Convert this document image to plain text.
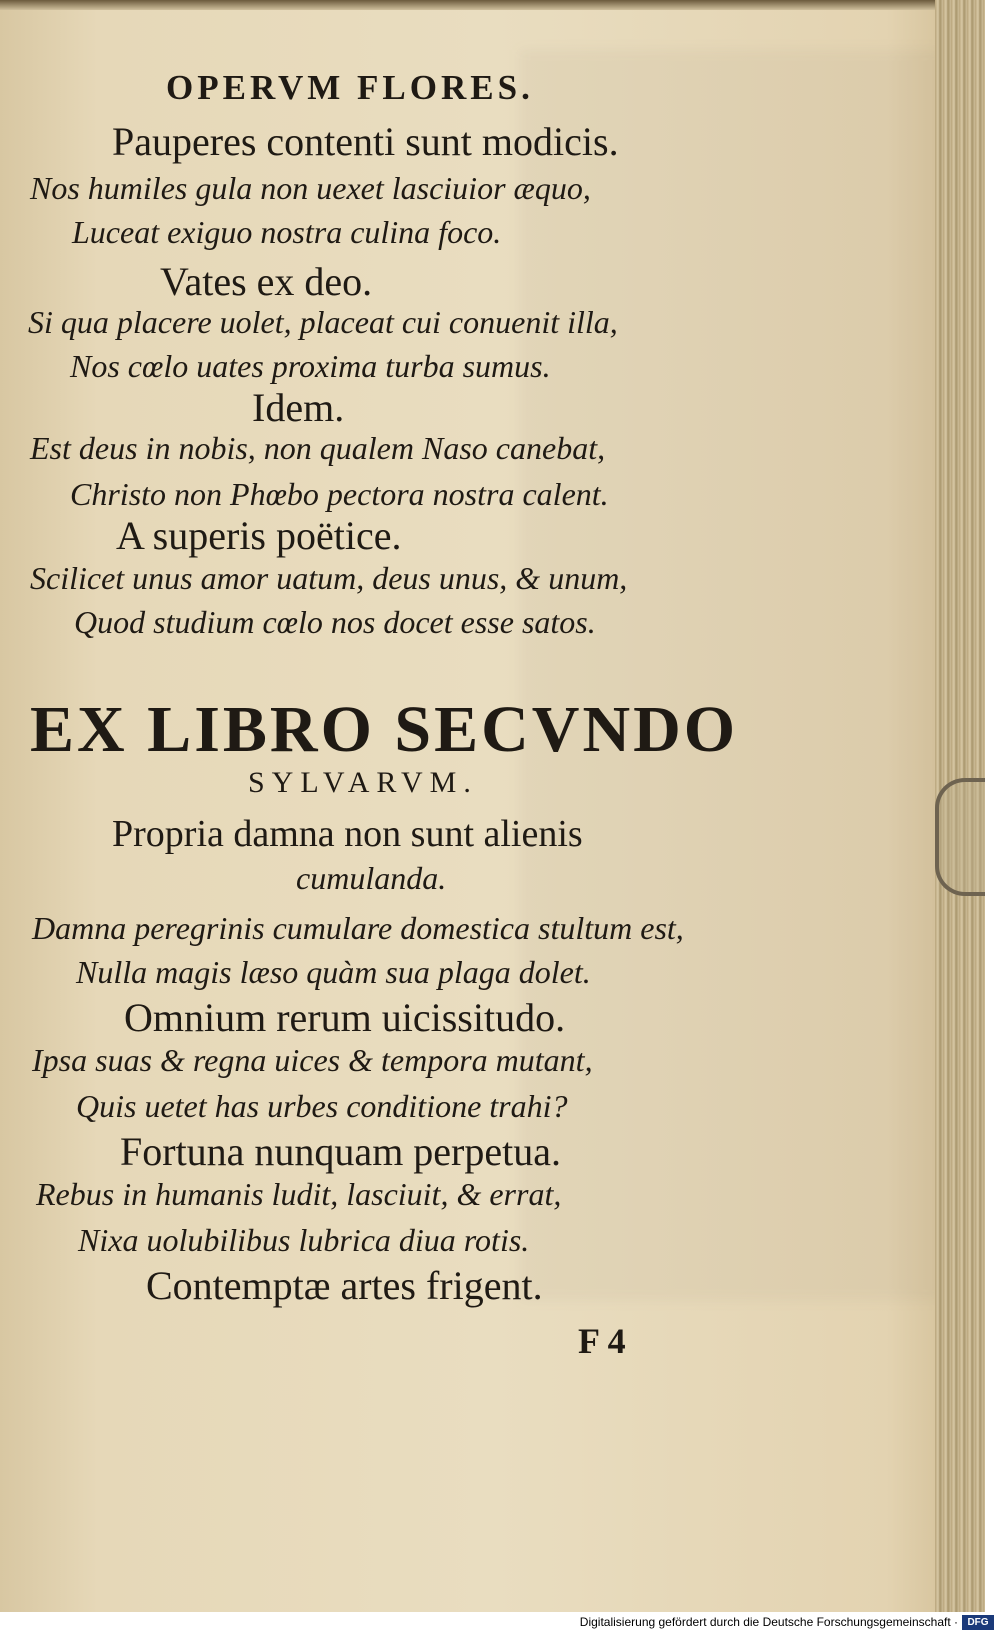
OPERVM FLORES.
Pauperes contenti sunt modicis.
Nos humiles gula non uexet lasciuior æquo,
Luceat exiguo nostra culina foco.
Vates ex deo.
Si qua placere uolet, placeat cui conuenit illa,
Nos cœlo uates proxima turba sumus.
Idem.
Est deus in nobis, non qualem Naso canebat,
Christo non Phœbo pectora nostra calent.
A superis poëtice.
Scilicet unus amor uatum, deus unus, & unum,
Quod studium cœlo nos docet esse satos.
EX LIBRO SECVNDO
SYLVARVM.
Propria damna non sunt alienis
cumulanda.
Damna peregrinis cumulare domestica stultum est,
Nulla magis læso quàm sua plaga dolet.
Omnium rerum uicissitudo.
Ipsa suas & regna uices & tempora mutant,
Quis uetet has urbes conditione trahi?
Fortuna nunquam perpetua.
Rebus in humanis ludit, lasciuit, & errat,
Nixa uolubilibus lubrica diua rotis.
Contemptæ artes frigent.
F 4
Digitalisierung gefördert durch die Deutsche Forschungsgemeinschaft · DFG
